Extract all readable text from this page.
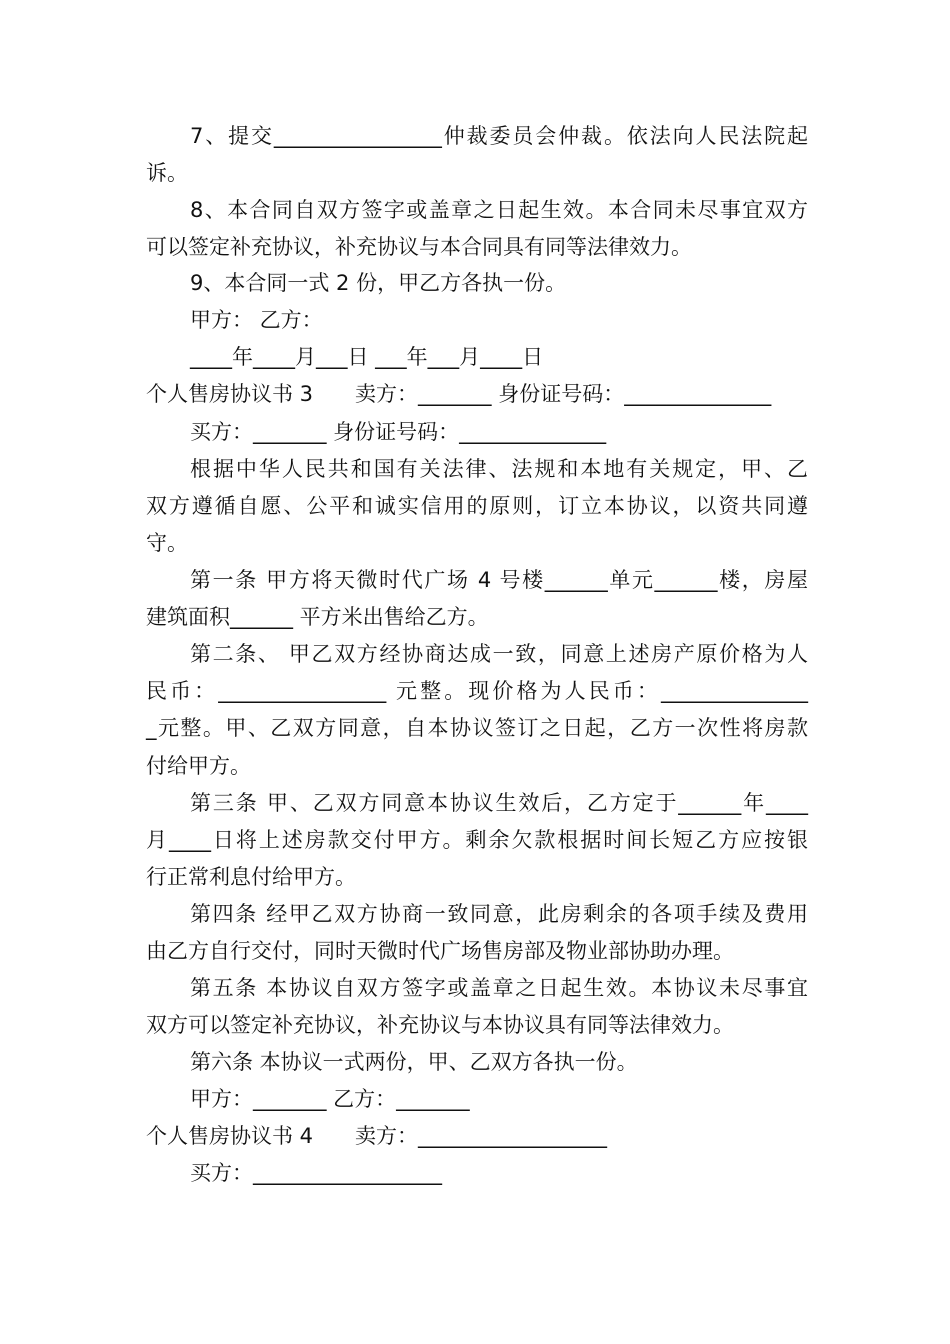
7、提交________________仲裁委员会仲裁。依法向人民法院起
诉。
8、本合同自双方签字或盖章之日起生效。本合同未尽事宜双方
可以签定补充协议，补充协议与本合同具有同等法律效力。
9、本合同一式 2 份，甲乙方各执一份。
甲方： 乙方：
____年____月___日 ___年___月____日
个人售房协议书 3　　卖方：_______ 身份证号码：______________
买方：_______ 身份证号码：______________
根据中华人民共和国有关法律、法规和本地有关规定，甲、乙
双方遵循自愿、公平和诚实信用的原则，订立本协议，以资共同遵
守。
第一条 甲方将天微时代广场 4 号楼______单元______楼，房屋
建筑面积______ 平方米出售给乙方。
第二条、 甲乙双方经协商达成一致，同意上述房产原价格为人
民币：________________ 元整。现价格为人民币：______________
_元整。甲、乙双方同意，自本协议签订之日起，乙方一次性将房款
付给甲方。
第三条 甲、乙双方同意本协议生效后，乙方定于______年____
月____日将上述房款交付甲方。剩余欠款根据时间长短乙方应按银
行正常利息付给甲方。
第四条 经甲乙双方协商一致同意，此房剩余的各项手续及费用
由乙方自行交付，同时天微时代广场售房部及物业部协助办理。
第五条 本协议自双方签字或盖章之日起生效。本协议未尽事宜
双方可以签定补充协议，补充协议与本协议具有同等法律效力。
第六条 本协议一式两份，甲、乙双方各执一份。
甲方：_______ 乙方：_______
个人售房协议书 4　　卖方：__________________
买方：__________________
